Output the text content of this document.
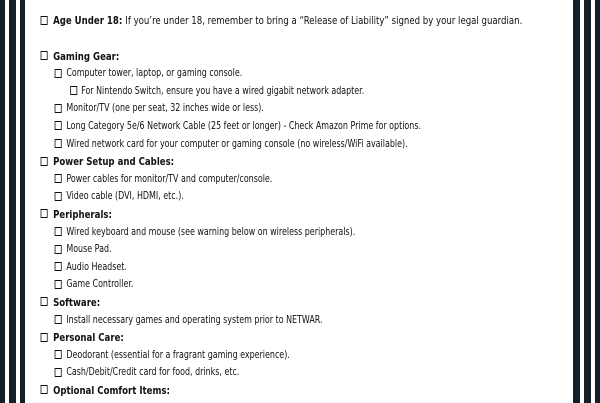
Age Under 18: If you’re under 18, remember to bring a “Release of Liability” signed by your legal guardian.
Gaming Gear:
Computer tower, laptop, or gaming console.
For Nintendo Switch, ensure you have a wired gigabit network adapter.
Monitor/TV (one per seat, 32 inches wide or less).
Long Category 5e/6 Network Cable (25 feet or longer) - Check Amazon Prime for options.
Wired network card for your computer or gaming console (no wireless/WiFi available).
Power Setup and Cables:
Power cables for monitor/TV and computer/console.
Video cable (DVI, HDMI, etc.).
Peripherals:
Wired keyboard and mouse (see warning below on wireless peripherals).
Mouse Pad.
Audio Headset.
Game Controller.
Software:
Install necessary games and operating system prior to NETWAR.
Personal Care:
Deodorant (essential for a fragrant gaming experience).
Cash/Debit/Credit card for food, drinks, etc.
Optional Comfort Items:
